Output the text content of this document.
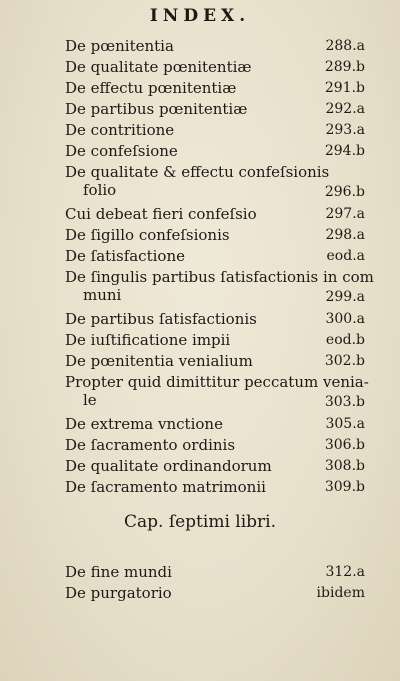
INDEX.
De pœnitentia	288.a
De qualitate pœnitentiæ	289.b
De effectu pœnitentiæ	291.b
De partibus pœnitentiæ	292.a
De contritione	293.a
De confeſsione	294.b
De qualitate & effectu confeſsionis
folio	296.b
Cui debeat fieri confeſsio	297.a
De ſigillo confeſsionis	298.a
De ſatisfactione	eod.a
De ſingulis partibus ſatisfactionis in com
muni	299.a
De partibus ſatisfactionis	300.a
De iuſtificatione impii	eod.b
De pœnitentia venialium	302.b
Propter quid dimittitur peccatum venia-
le	303.b
De extrema vnctione	305.a
De ſacramento ordinis	306.b
De qualitate ordinandorum	308.b
De ſacramento matrimonii	309.b
Cap. ſeptimi libri.
De fine mundi	312.a
De purgatorio	ibidem
